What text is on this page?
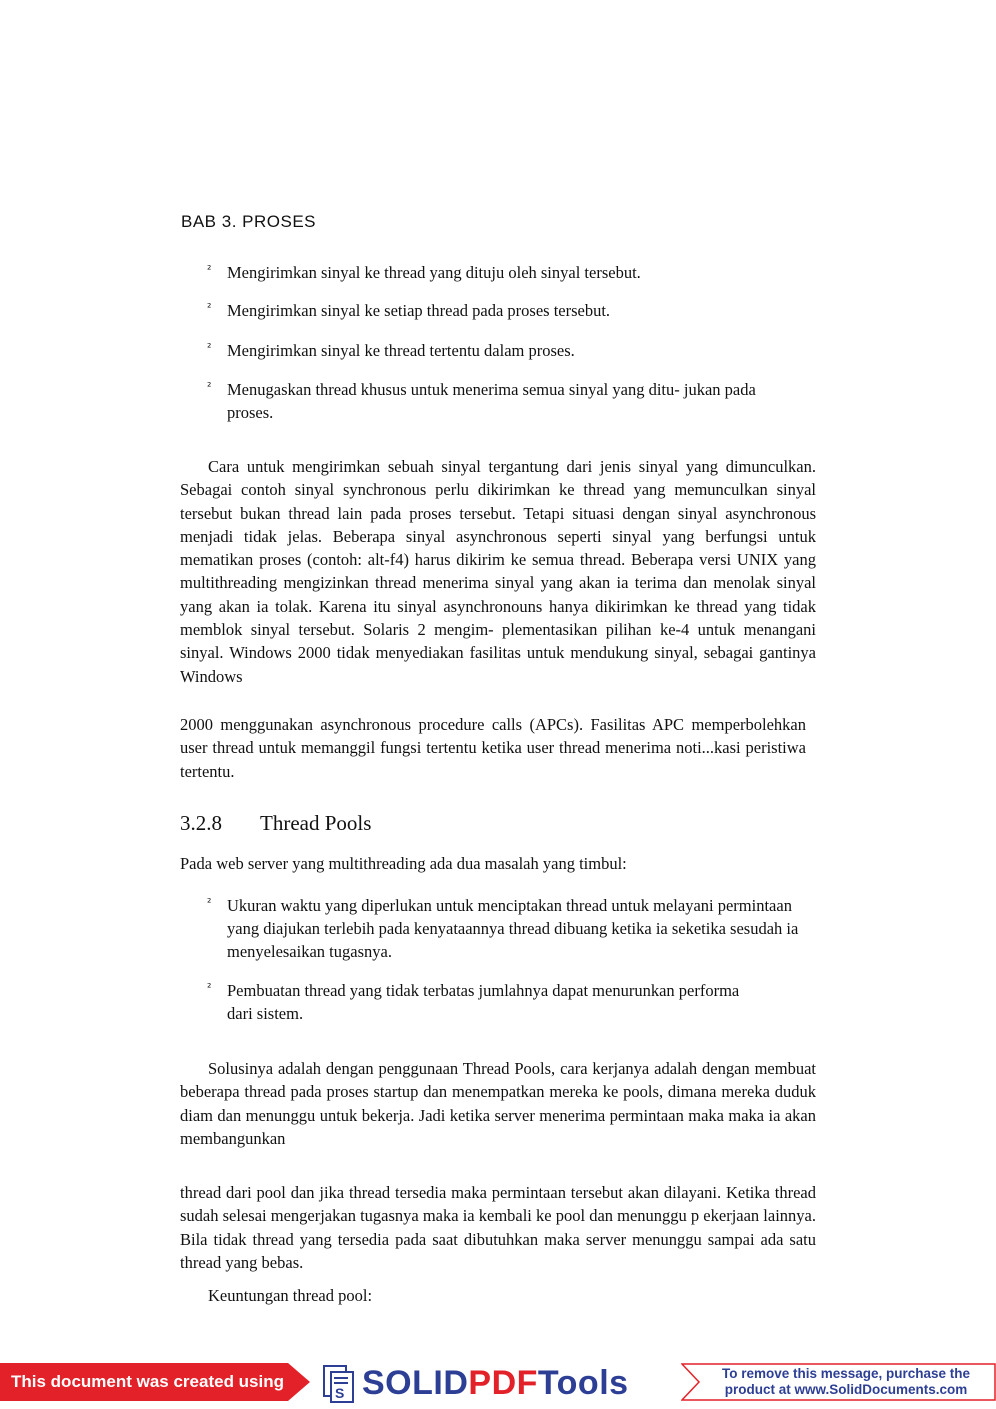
BAB 3. PROSES

² Mengirimkan sinyal ke thread yang dituju oleh sinyal tersebut.

² Mengirimkan sinyal ke setiap thread pada proses tersebut.

² Mengirimkan sinyal ke thread tertentu dalam proses.

² Menugaskan thread khusus untuk menerima semua sinyal yang ditu- jukan pada proses.

Cara untuk mengirimkan sebuah sinyal tergantung dari jenis sinyal yang dimunculkan. Sebagai contoh sinyal synchronous perlu dikirimkan ke thread yang memunculkan sinyal tersebut bukan thread lain pada proses tersebut. Tetapi situasi dengan sinyal asynchronous menjadi tidak jelas. Beberapa sinyal asynchronous seperti sinyal yang berfungsi untuk mematikan proses (contoh: alt-f4) harus dikirim ke semua thread. Beberapa versi UNIX yang multithreading mengizinkan thread menerima sinyal yang akan ia terima dan menolak sinyal yang akan ia tolak. Karena itu sinyal asynchronouns hanya dikirimkan ke thread yang tidak memblok sinyal tersebut. Solaris 2 mengim- plementasikan pilihan ke-4 untuk menangani sinyal. Windows 2000 tidak menyediakan fasilitas untuk mendukung sinyal, sebagai gantinya Windows

2000 menggunakan asynchronous procedure calls (APCs). Fasilitas APC memperbolehkan user thread untuk memanggil fungsi tertentu ketika user thread menerima noti...kasi peristiwa tertentu.

3.2.8 Thread Pools

Pada web server yang multithreading ada dua masalah yang timbul:

² Ukuran waktu yang diperlukan untuk menciptakan thread untuk melayani permintaan yang diajukan terlebih pada kenyataannya thread dibuang ketika ia seketika sesudah ia menyelesaikan tugasnya.

² Pembuatan thread yang tidak terbatas jumlahnya dapat menurunkan performa dari sistem.

Solusinya adalah dengan penggunaan Thread Pools, cara kerjanya adalah dengan membuat beberapa thread pada proses startup dan menempatkan mereka ke pools, dimana mereka duduk diam dan menunggu untuk bekerja. Jadi ketika server menerima permintaan maka maka ia akan membangunkan

thread dari pool dan jika thread tersedia maka permintaan tersebut akan dilayani. Ketika thread sudah selesai mengerjakan tugasnya maka ia kembali ke pool dan menunggu p ekerjaan lainnya. Bila tidak thread yang tersedia pada saat dibutuhkan maka server menunggu sampai ada satu thread yang bebas.

Keuntungan thread pool:

This document was created using
S SOLIDPDFTools	To remove this message, purchase the
product at www.SolidDocuments.com
